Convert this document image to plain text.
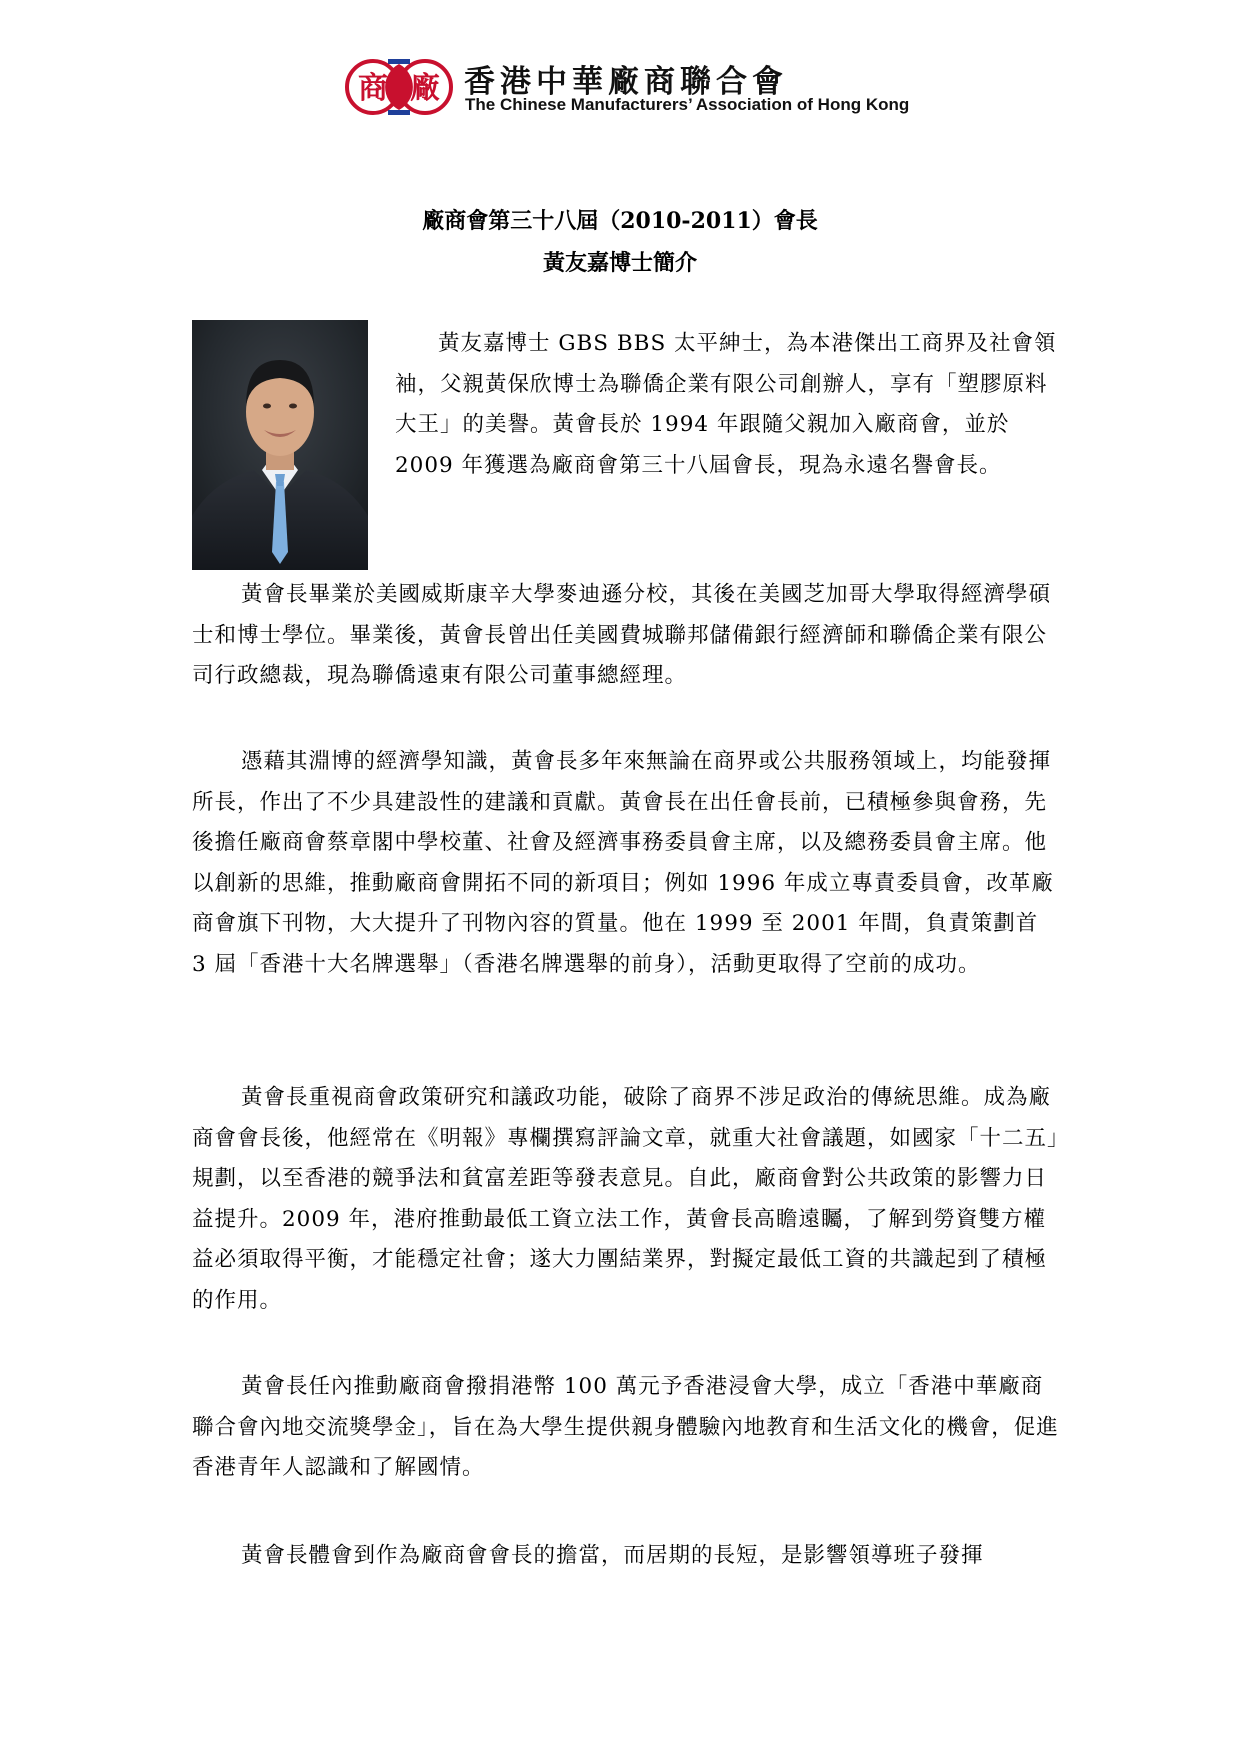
商 廠 香港中華廠商聯合會
The Chinese Manufacturers’ Association of Hong Kong
廠商會第三十八屆（2010-2011）會長
黃友嘉博士簡介

黃友嘉博士 GBS BBS 太平紳士，為本港傑出工商界及社會領袖，父親黃保欣博士為聯僑企業有限公司創辦人，享有「塑膠原料大王」的美譽。黃會長於 1994 年跟隨父親加入廠商會，並於 2009 年獲選為廠商會第三十八屆會長，現為永遠名譽會長。

黃會長畢業於美國威斯康辛大學麥迪遜分校，其後在美國芝加哥大學取得經濟學碩士和博士學位。畢業後，黃會長曾出任美國費城聯邦儲備銀行經濟師和聯僑企業有限公司行政總裁，現為聯僑遠東有限公司董事總經理。

憑藉其淵博的經濟學知識，黃會長多年來無論在商界或公共服務領域上，均能發揮所長，作出了不少具建設性的建議和貢獻。黃會長在出任會長前，已積極參與會務，先後擔任廠商會蔡章閣中學校董、社會及經濟事務委員會主席，以及總務委員會主席。他以創新的思維，推動廠商會開拓不同的新項目；例如 1996 年成立專責委員會，改革廠商會旗下刊物，大大提升了刊物內容的質量。他在 1999 至 2001 年間，負責策劃首 3 屆「香港十大名牌選舉」（香港名牌選舉的前身），活動更取得了空前的成功。

黃會長重視商會政策研究和議政功能，破除了商界不涉足政治的傳統思維。成為廠商會會長後，他經常在《明報》專欄撰寫評論文章，就重大社會議題，如國家「十二五」規劃，以至香港的競爭法和貧富差距等發表意見。自此，廠商會對公共政策的影響力日益提升。2009 年，港府推動最低工資立法工作，黃會長高瞻遠矚，了解到勞資雙方權益必須取得平衡，才能穩定社會；遂大力團結業界，對擬定最低工資的共識起到了積極的作用。

黃會長任內推動廠商會撥捐港幣 100 萬元予香港浸會大學，成立「香港中華廠商聯合會內地交流獎學金」，旨在為大學生提供親身體驗內地教育和生活文化的機會，促進香港青年人認識和了解國情。

黃會長體會到作為廠商會會長的擔當，而居期的長短，是影響領導班子發揮
